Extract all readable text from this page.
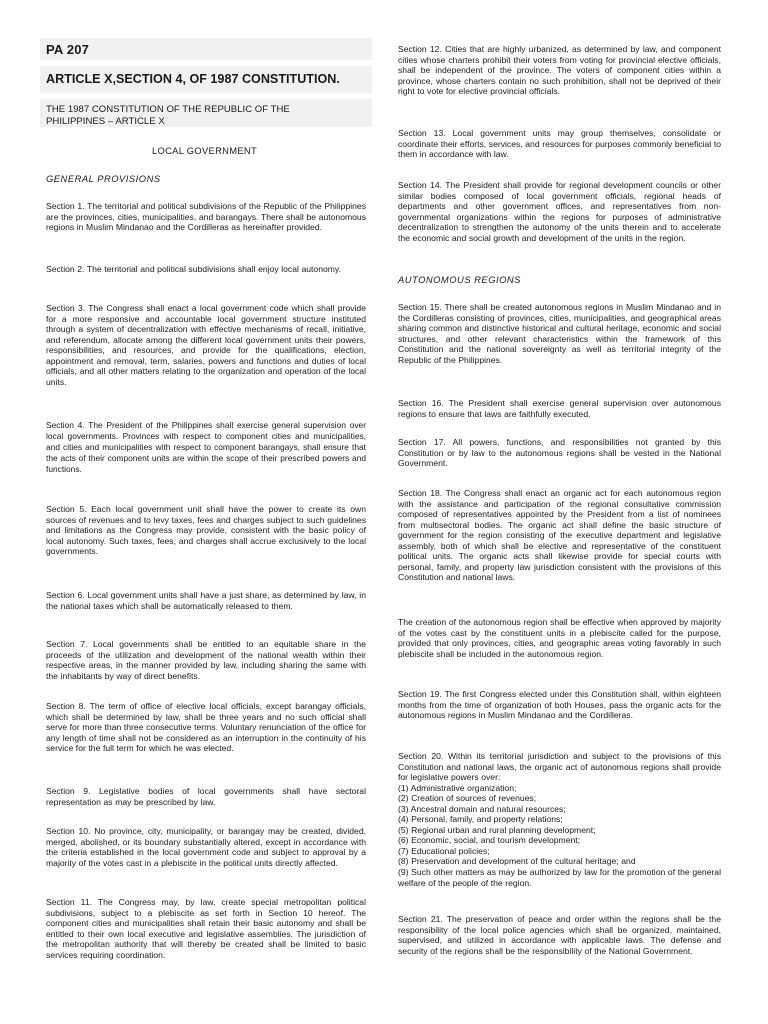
PA 207
ARTICLE X,SECTION 4, OF 1987 CONSTITUTION.
THE 1987 CONSTITUTION OF THE REPUBLIC OF THE PHILIPPINES – ARTICLE X
LOCAL GOVERNMENT
GENERAL PROVISIONS

Section 1. The territorial and political subdivisions of the Republic of the Philippines are the provinces, cities, municipalities, and barangays. There shall be autonomous regions in Muslim Mindanao and the Cordilleras as hereinafter provided.

Section 2. The territorial and political subdivisions shall enjoy local autonomy.

Section 3. The Congress shall enact a local government code which shall provide for a more responsive and accountable local government structure instituted through a system of decentralization with effective mechanisms of recall, initiative, and referendum, allocate among the different local government units their powers, responsibilities, and resources, and provide for the qualifications, election, appointment and removal, term, salaries, powers and functions and duties of local officials, and all other matters relating to the organization and operation of the local units.

Section 4. The President of the Philippines shall exercise general supervision over local governments. Provinces with respect to component cities and municipalities, and cities and municipalities with respect to component barangays, shall ensure that the acts of their component units are within the scope of their prescribed powers and functions.

Section 5. Each local government unit shall have the power to create its own sources of revenues and to levy taxes, fees and charges subject to such guidelines and limitations as the Congress may provide, consistent with the basic policy of local autonomy. Such taxes, fees, and charges shall accrue exclusively to the local governments.

Section 6. Local government units shall have a just share, as determined by law, in the national taxes which shall be automatically released to them.

Section 7. Local governments shall be entitled to an equitable share in the proceeds of the utilization and development of the national wealth within their respective areas, in the manner provided by law, including sharing the same with the inhabitants by way of direct benefits.

Section 8. The term of office of elective local officials, except barangay officials, which shall be determined by law, shall be three years and no such official shall serve for more than three consecutive terms. Voluntary renunciation of the office for any length of time shall not be considered as an interruption in the continuity of his service for the full term for which he was elected.

Section 9. Legislative bodies of local governments shall have sectoral representation as may be prescribed by law.

Section 10. No province, city, municipality, or barangay may be created, divided, merged, abolished, or its boundary substantially altered, except in accordance with the criteria established in the local government code and subject to approval by a majority of the votes cast in a plebiscite in the political units directly affected.

Section 11. The Congress may, by law, create special metropolitan political subdivisions, subject to a plebiscite as set forth in Section 10 hereof. The component cities and municipalities shall retain their basic autonomy and shall be entitled to their own local executive and legislative assemblies. The jurisdiction of the metropolitan authority that will thereby be created shall be limited to basic services requiring coordination.

Section 12. Cities that are highly urbanized, as determined by law, and component cities whose charters prohibit their voters from voting for provincial elective officials, shall be independent of the province. The voters of component cities within a province, whose charters contain no such prohibition, shall not be deprived of their right to vote for elective provincial officials.

Section 13. Local government units may group themselves, consolidate or coordinate their efforts, services, and resources for purposes commonly beneficial to them in accordance with law.

Section 14. The President shall provide for regional development councils or other similar bodies composed of local government officials, regional heads of departments and other government offices, and representatives from non-governmental organizations within the regions for purposes of administrative decentralization to strengthen the autonomy of the units therein and to accelerate the economic and social growth and development of the units in the region.

AUTONOMOUS REGIONS

Section 15. There shall be created autonomous regions in Muslim Mindanao and in the Cordilleras consisting of provinces, cities, municipalities, and geographical areas sharing common and distinctive historical and cultural heritage, economic and social structures, and other relevant characteristics within the framework of this Constitution and the national sovereignty as well as territorial integrity of the Republic of the Philippines.

Section 16. The President shall exercise general supervision over autonomous regions to ensure that laws are faithfully executed.

Section 17. All powers, functions, and responsibilities not granted by this Constitution or by law to the autonomous regions shall be vested in the National Government.

Section 18. The Congress shall enact an organic act for each autonomous region with the assistance and participation of the regional consultative commission composed of representatives appointed by the President from a list of nominees from multisectoral bodies. The organic act shall define the basic structure of government for the region consisting of the executive department and legislative assembly, both of which shall be elective and representative of the constituent political units. The organic acts shall likewise provide for special courts with personal, family, and property law jurisdiction consistent with the provisions of this Constitution and national laws.

The creation of the autonomous region shall be effective when approved by majority of the votes cast by the constituent units in a plebiscite called for the purpose, provided that only provinces, cities, and geographic areas voting favorably in such plebiscite shall be included in the autonomous region.

Section 19. The first Congress elected under this Constitution shall, within eighteen months from the time of organization of both Houses, pass the organic acts for the autonomous regions in Muslim Mindanao and the Cordilleras.

Section 20. Within its territorial jurisdiction and subject to the provisions of this Constitution and national laws, the organic act of autonomous regions shall provide for legislative powers over:
(1) Administrative organization;
(2) Creation of sources of revenues;
(3) Ancestral domain and natural resources;
(4) Personal, family, and property relations;
(5) Regional urban and rural planning development;
(6) Economic, social, and tourism development;
(7) Educational policies;
(8) Preservation and development of the cultural heritage; and
(9) Such other matters as may be authorized by law for the promotion of the general welfare of the people of the region.

Section 21. The preservation of peace and order within the regions shall be the responsibility of the local police agencies which shall be organized, maintained, supervised, and utilized in accordance with applicable laws. The defense and security of the regions shall be the responsibility of the National Government.
